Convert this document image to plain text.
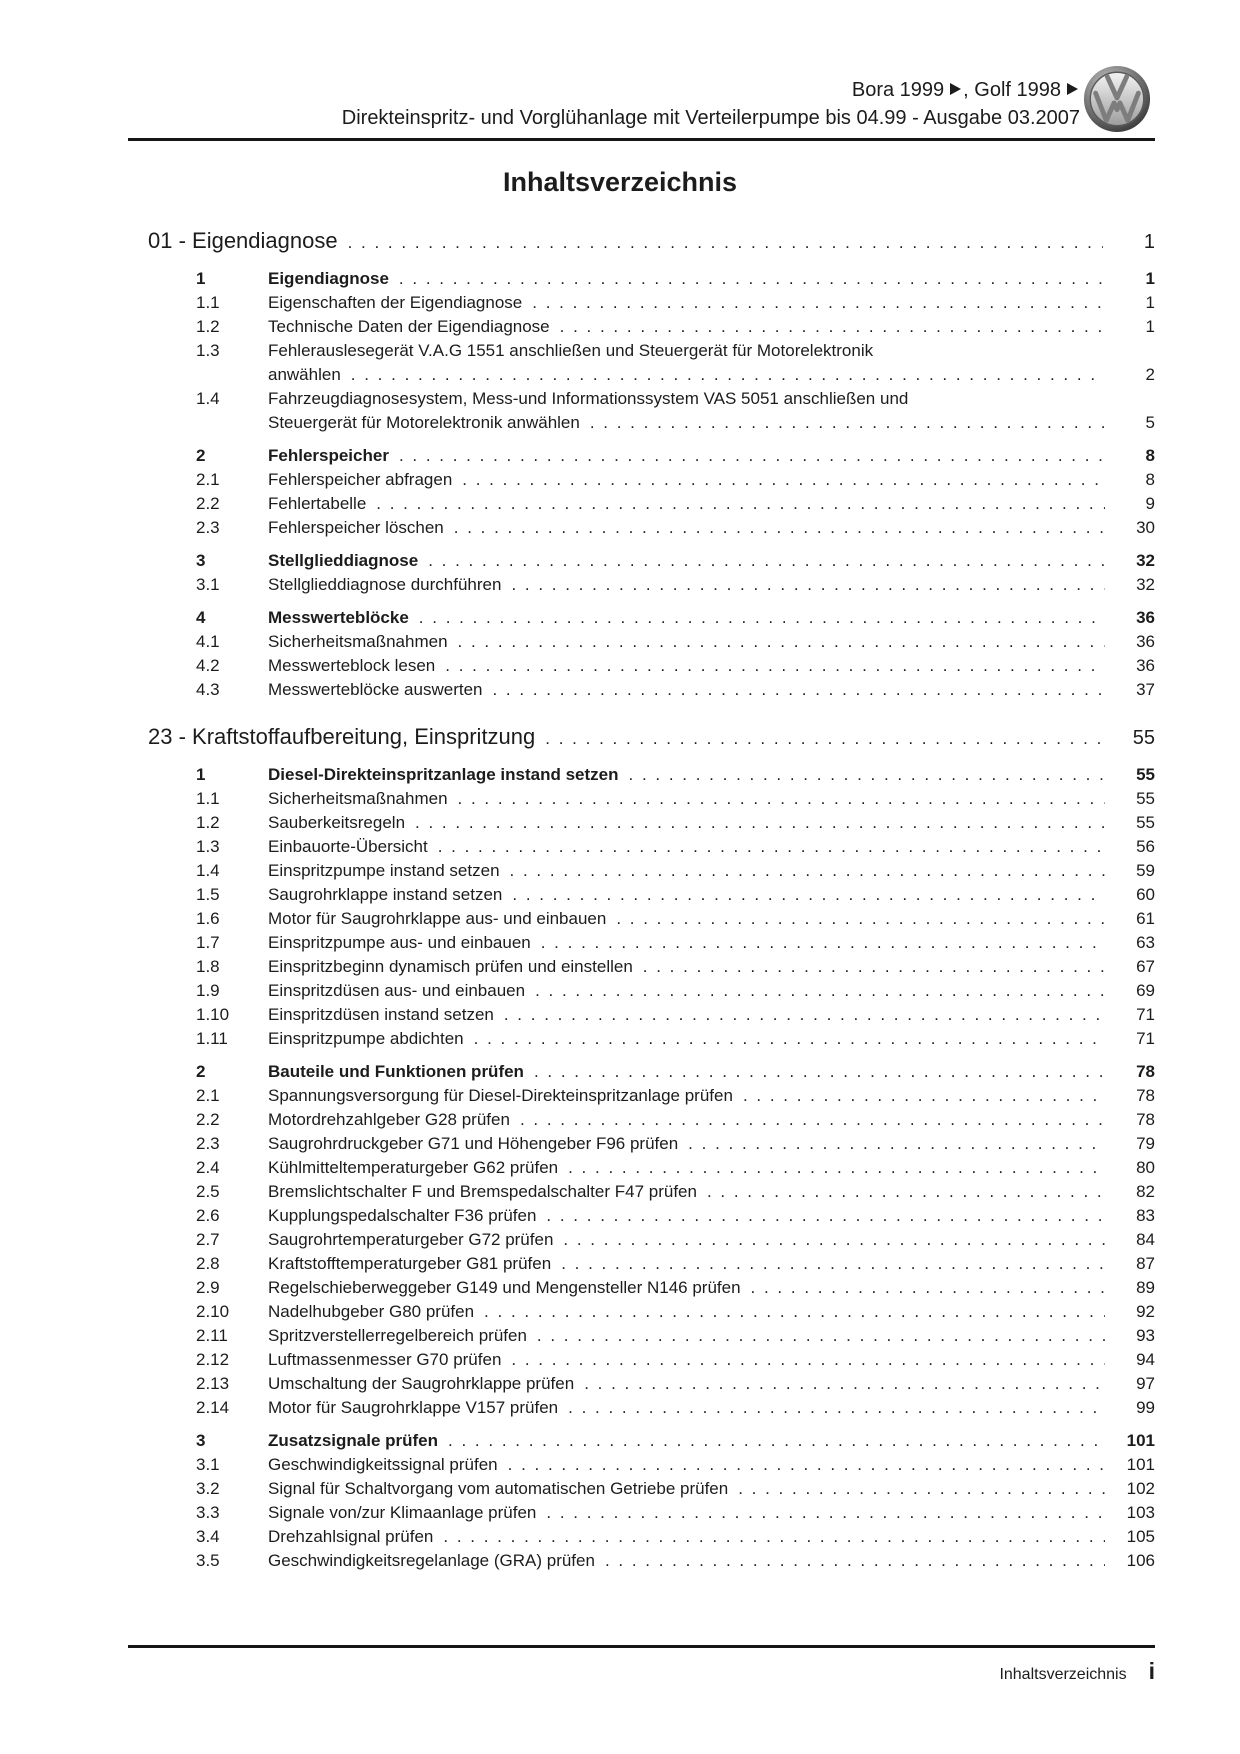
Bora 1999 , Golf 1998
Direkteinspritz- und Vorglühanlage mit Verteilerpumpe bis 04.99 - Ausgabe 03.2007
Inhaltsverzeichnis
01 - Eigendiagnose . . .	1
1	Eigendiagnose . . .	1
1.1	Eigenschaften der Eigendiagnose . . .	1
1.2	Technische Daten der Eigendiagnose . . .	1
1.3	Fehlerauslesegerät V.A.G 1551 anschließen und Steuergerät für Motorelektronik
anwählen . . .	2
1.4	Fahrzeugdiagnosesystem, Mess-und Informationssystem VAS 5051 anschließen und
Steuergerät für Motorelektronik anwählen . . .	5
2	Fehlerspeicher . . .	8
2.1	Fehlerspeicher abfragen . . .	8
2.2	Fehlertabelle . . .	9
2.3	Fehlerspeicher löschen . . .	30
3	Stellglieddiagnose . . .	32
3.1	Stellglieddiagnose durchführen . . .	32
4	Messwerteblöcke . . .	36
4.1	Sicherheitsmaßnahmen . . .	36
4.2	Messwerteblock lesen . . .	36
4.3	Messwerteblöcke auswerten . . .	37
23 - Kraftstoffaufbereitung, Einspritzung . . .	55
1	Diesel-Direkteinspritzanlage instand setzen . . .	55
1.1	Sicherheitsmaßnahmen . . .	55
1.2	Sauberkeitsregeln . . .	55
1.3	Einbauorte-Übersicht . . .	56
1.4	Einspritzpumpe instand setzen . . .	59
1.5	Saugrohrklappe instand setzen . . .	60
1.6	Motor für Saugrohrklappe aus- und einbauen . . .	61
1.7	Einspritzpumpe aus- und einbauen . . .	63
1.8	Einspritzbeginn dynamisch prüfen und einstellen . . .	67
1.9	Einspritzdüsen aus- und einbauen . . .	69
1.10	Einspritzdüsen instand setzen . . .	71
1.11	Einspritzpumpe abdichten . . .	71
2	Bauteile und Funktionen prüfen . . .	78
2.1	Spannungsversorgung für Diesel-Direkteinspritzanlage prüfen . . .	78
2.2	Motordrehzahlgeber G28 prüfen . . .	78
2.3	Saugrohrdruckgeber G71 und Höhengeber F96 prüfen . . .	79
2.4	Kühlmitteltemperaturgeber G62 prüfen . . .	80
2.5	Bremslichtschalter F und Bremspedalschalter F47 prüfen . . .	82
2.6	Kupplungspedalschalter F36 prüfen . . .	83
2.7	Saugrohrtemperaturgeber G72 prüfen . . .	84
2.8	Kraftstofftemperaturgeber G81 prüfen . . .	87
2.9	Regelschieberweggeber G149 und Mengensteller N146 prüfen . . .	89
2.10	Nadelhubgeber G80 prüfen . . .	92
2.11	Spritzverstellerregelbereich prüfen . . .	93
2.12	Luftmassenmesser G70 prüfen . . .	94
2.13	Umschaltung der Saugrohrklappe prüfen . . .	97
2.14	Motor für Saugrohrklappe V157 prüfen . . .	99
3	Zusatzsignale prüfen . . .	101
3.1	Geschwindigkeitssignal prüfen . . .	101
3.2	Signal für Schaltvorgang vom automatischen Getriebe prüfen . . .	102
3.3	Signale von/zur Klimaanlage prüfen . . .	103
3.4	Drehzahlsignal prüfen . . .	105
3.5	Geschwindigkeitsregelanlage (GRA) prüfen . . .	106
Inhaltsverzeichnis i
